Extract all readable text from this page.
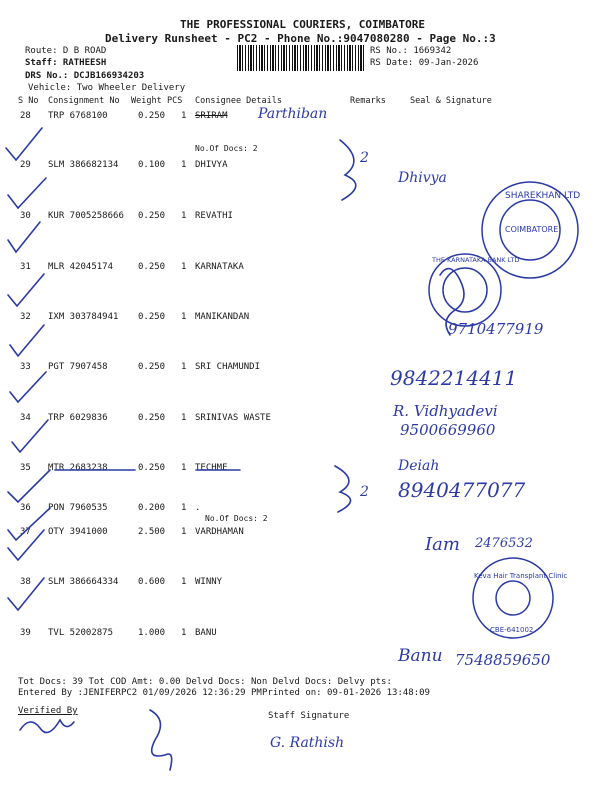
THE PROFESSIONAL COURIERS, COIMBATORE
Delivery Runsheet - PC2 - Phone No.:9047080280 - Page No.:3
Route: D B ROAD
Staff: RATHEESH
DRS No.: DCJB166934203
Vehicle: Two Wheeler Delivery
RS No.: 1669342
RS Date: 09-Jan-2026
S No Consignment No Weight PCS Consignee Details	Remarks	Seal & Signature
28 TRP 6768100	0.250 1 SRIRAM
No.Of Docs: 2
29 SLM 386682134 0.100 1 DHIVYA
30 KUR 7005258666 0.250 1 REVATHI
31 MLR 42045174	0.250 1 KARNATAKA
32 IXM 303784941 0.250 1 MANIKANDAN
33 PGT 7907458	0.250 1 SRI CHAMUNDI
34 TRP 6029836	0.250 1 SRINIVAS WASTE
35 MTR 2683238	0.250 1 TECHME
36 PON 7960535	0.200 1 .
No.Of Docs: 2
37 OTY 3941000	2.500 1 VARDHAMAN
38 SLM 386664334 0.600 1 WINNY
39 TVL 52002875	1.000 1 BANU
Tot Docs: 39 Tot COD Amt: 0.00 Delvd Docs: Non Delvd Docs: Delvy pts:
Entered By :JENIFERPC2 01/09/2026 12:36:29 PM Printed on: 09-01-2026 13:48:09
Verified By	Staff Signature
SHAREKHAN LTD
COIMBATORE
THE KARNATAKA BANK LTD
Keva Hair Transplant Clinic
CBE-641002
Parthiban
2
Dhivya
9710477919
9842214411
R. Vidhyadevi
9500669960
2
Deiah
8940477077
Iam 2476532
Banu 7548859650
G. Rathish
